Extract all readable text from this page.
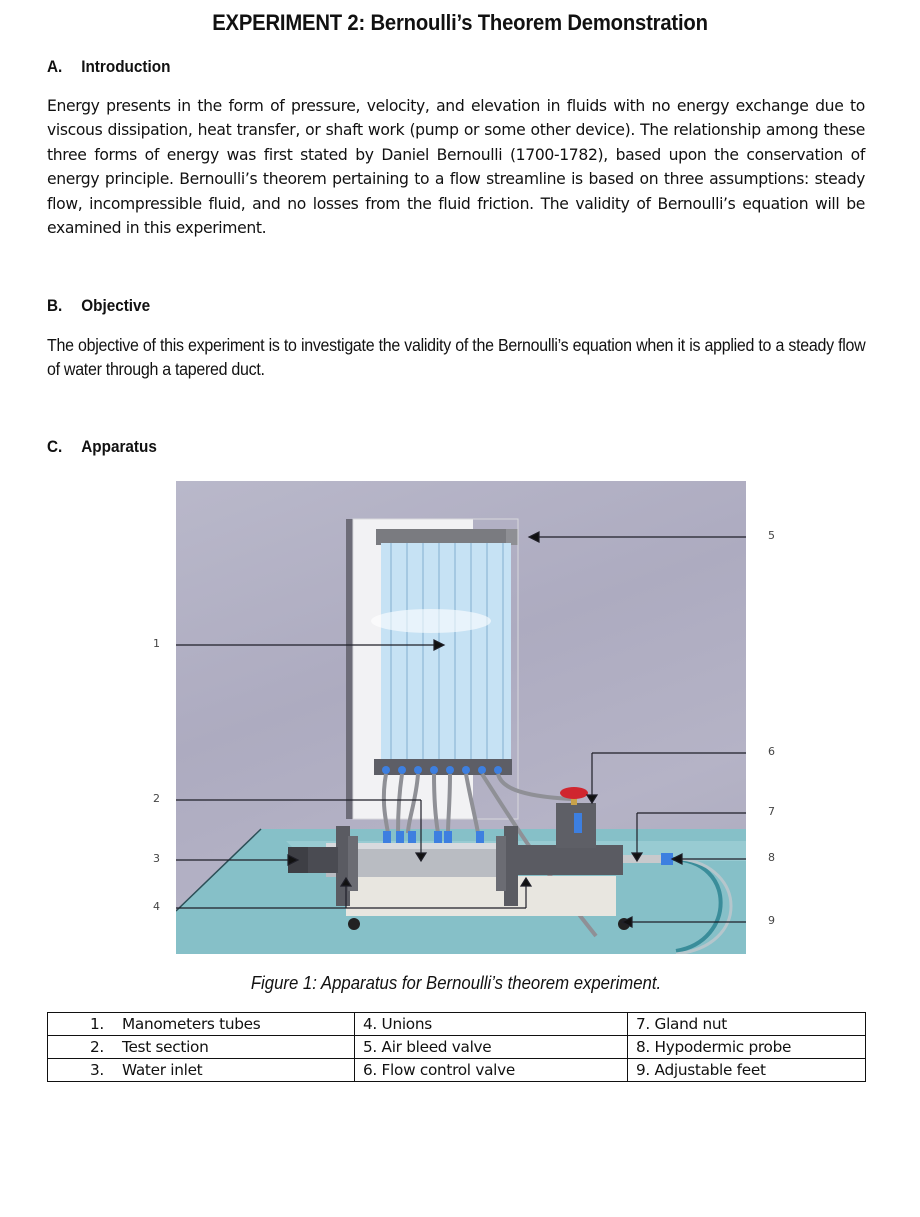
EXPERIMENT 2: Bernoulli’s Theorem Demonstration
A. Introduction
Energy presents in the form of pressure, velocity, and elevation in fluids with no energy exchange due to viscous dissipation, heat transfer, or shaft work (pump or some other device). The relationship among these three forms of energy was first stated by Daniel Bernoulli (1700-1782), based upon the conservation of energy principle. Bernoulli’s theorem pertaining to a flow streamline is based on three assumptions: steady flow, incompressible fluid, and no losses from the fluid friction. The validity of Bernoulli’s equation will be examined in this experiment.
B. Objective
The objective of this experiment is to investigate the validity of the Bernoulli’s equation when it is applied to a steady flow of water through a tapered duct.
C. Apparatus
1
2
3
4
5
6
7
8
9
Figure 1: Apparatus for Bernoulli’s theorem experiment.
1. Manometers tubes	4. Unions	7. Gland nut
2. Test section	5. Air bleed valve	8. Hypodermic probe
3. Water inlet	6. Flow control valve	9. Adjustable feet
